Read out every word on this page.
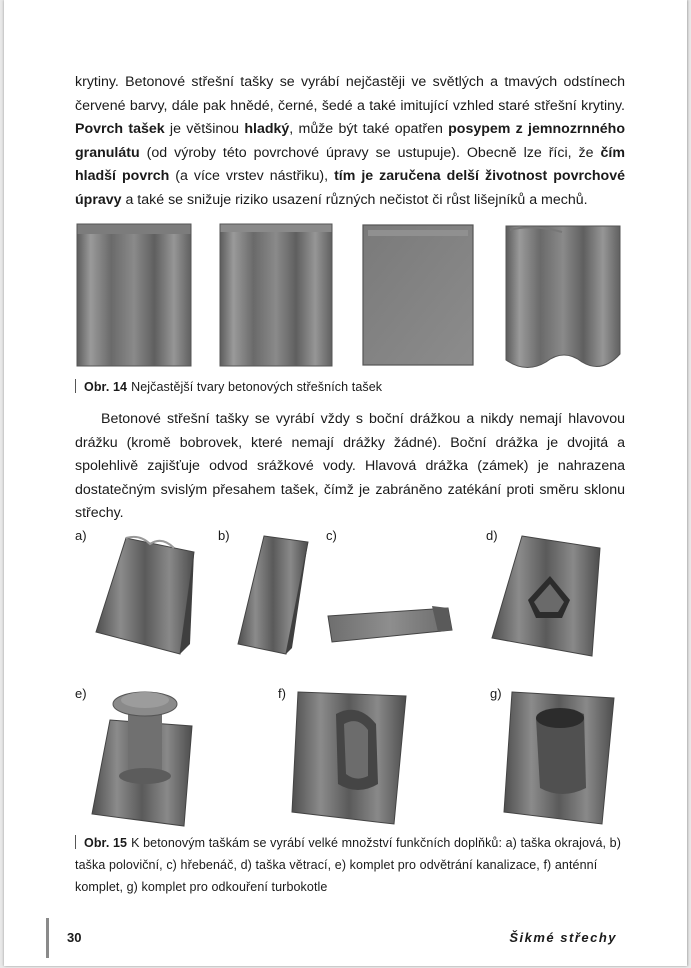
krytiny. Betonové střešní tašky se vyrábí nejčastěji ve světlých a tmavých odstínech červené barvy, dále pak hnědé, černé, šedé a také imitující vzhled staré střešní krytiny. Povrch tašek je většinou hladký, může být také opatřen posypem z jemnozrnného granulátu (od výroby této povrchové úpravy se ustupuje). Obecně lze říci, že čím hladší povrch (a více vrstev nástřiku), tím je zaručena delší životnost povrchové úpravy a také se snižuje riziko usazení různých nečistot či růst lišejníků a mechů.

Obr. 14 Nejčastější tvary betonových střešních tašek

Betonové střešní tašky se vyrábí vždy s boční drážkou a nikdy nemají hlavovou drážku (kromě bobrovek, které nemají drážky žádné). Boční drážka je dvojitá a spolehlivě zajišťuje odvod srážkové vody. Hlavová drážka (zámek) je nahrazena dostatečným svislým přesahem tašek, čímž je zabráněno zatékání proti směru sklonu střechy.

a)	b)	c)	d)
e)	f)	g)
Obr. 15 K betonovým taškám se vyrábí velké množství funkčních doplňků: a) taška okrajová, b) taška poloviční, c) hřebenáč, d) taška větrací, e) komplet pro odvětrání kanalizace, f) anténní komplet, g) komplet pro odkouření turbokotle
30	Šikmé střechy
